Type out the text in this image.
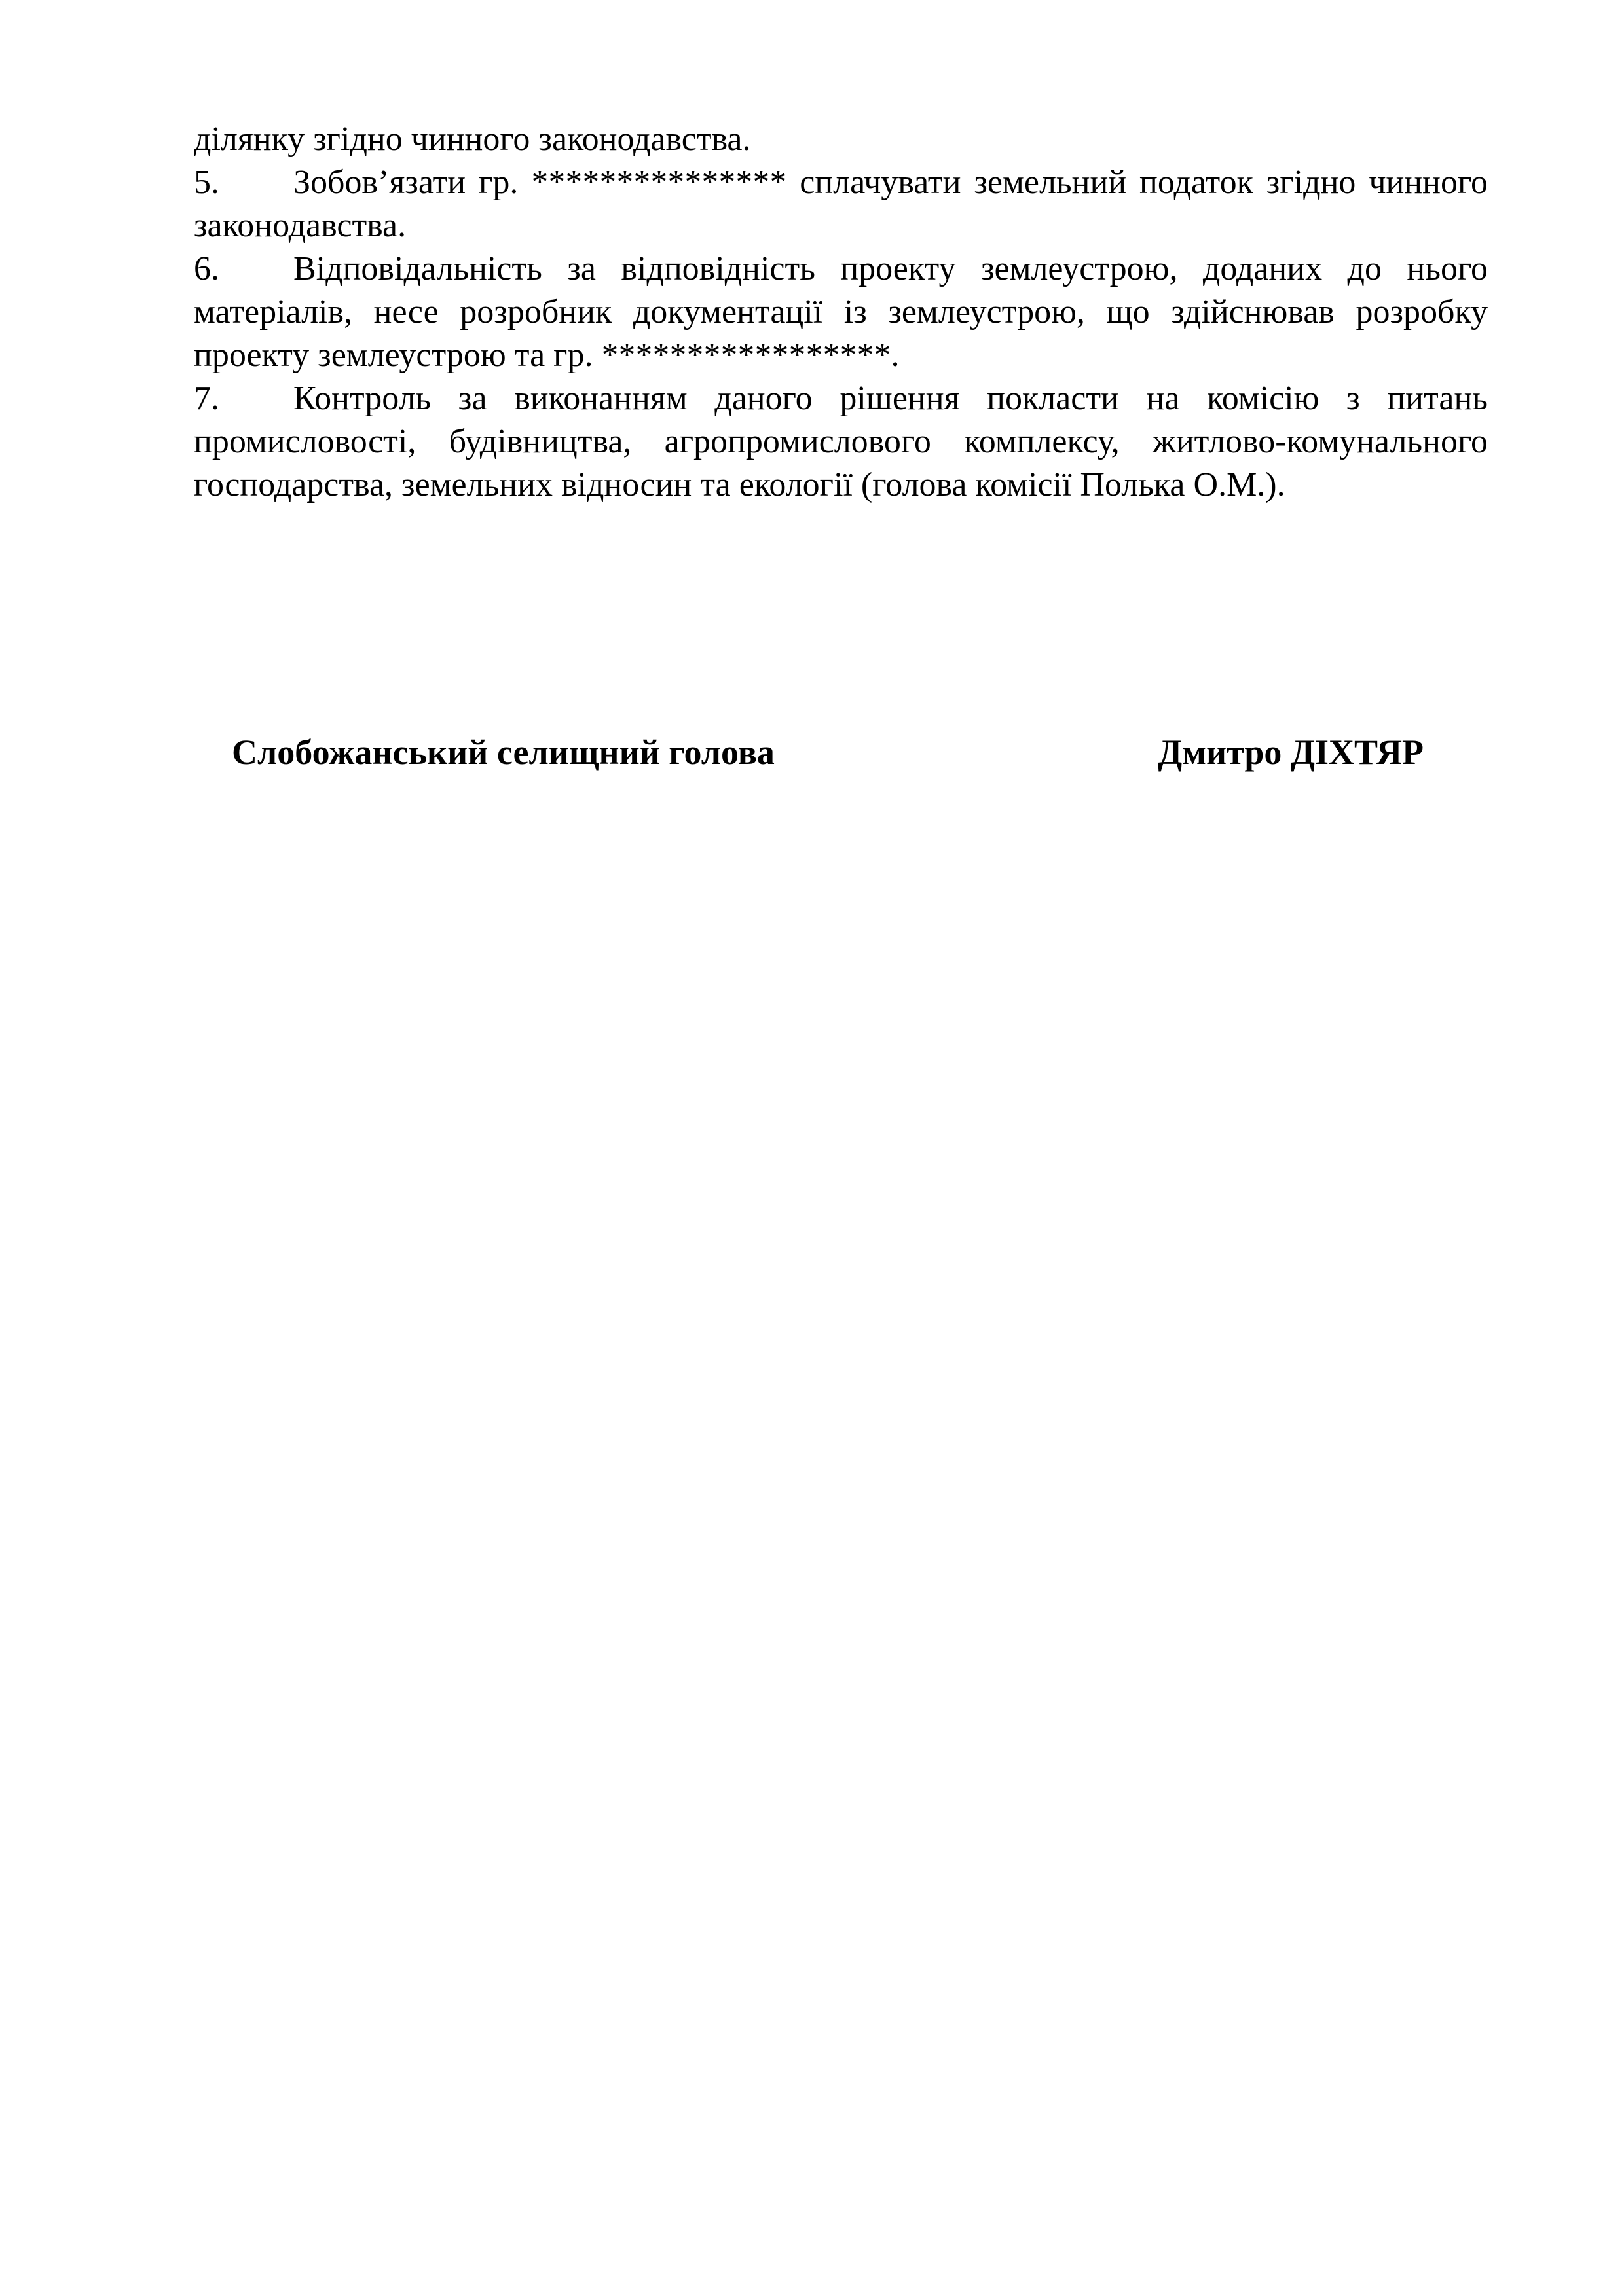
ділянку згідно чинного законодавства.

5. Зобов’язати гр. *************** сплачувати земельний податок згідно чинного законодавства.

6. Відповідальність за відповідність проекту землеустрою, доданих до нього матеріалів, несе розробник документації із землеустрою, що здійснював розробку проекту землеустрою та гр. *****************.

7. Контроль за виконанням даного рішення покласти на комісію з питань промисловості, будівництва, агропромислового комплексу, житлово-комунального господарства, земельних відносин та екології (голова комісії Полька О.М.).

Слобожанський селищний голова	Дмитро ДІХТЯР
